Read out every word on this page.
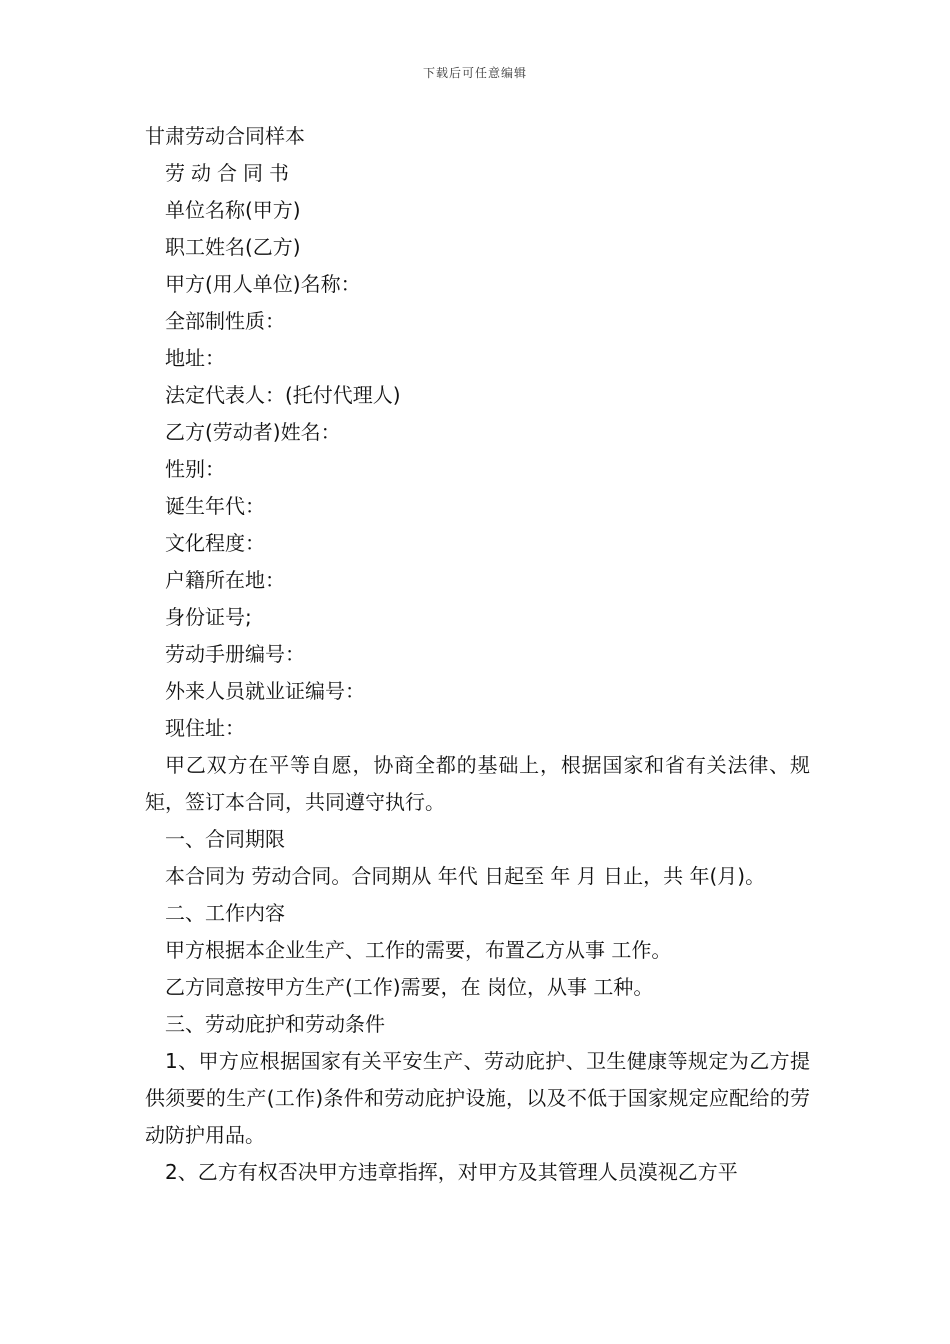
下载后可任意编辑
甘肃劳动合同样本

劳动合同书

单位名称(甲方)

职工姓名(乙方)

甲方(用人单位)名称：

全部制性质：

地址：

法定代表人：(托付代理人)

乙方(劳动者)姓名：

性别：

诞生年代：

文化程度：

户籍所在地：

身份证号;

劳动手册编号：

外来人员就业证编号：

现住址：

甲乙双方在平等自愿，协商全都的基础上，根据国家和省有关法律、规矩，签订本合同，共同遵守执行。

一、合同期限

本合同为 劳动合同。合同期从 年代 日起至 年 月 日止，共 年(月)。

二、工作内容

甲方根据本企业生产、工作的需要，布置乙方从事 工作。

乙方同意按甲方生产(工作)需要，在 岗位，从事 工种。

三、劳动庇护和劳动条件

1、甲方应根据国家有关平安生产、劳动庇护、卫生健康等规定为乙方提供须要的生产(工作)条件和劳动庇护设施，以及不低于国家规定应配给的劳动防护用品。

2、乙方有权否决甲方违章指挥，对甲方及其管理人员漠视乙方平
